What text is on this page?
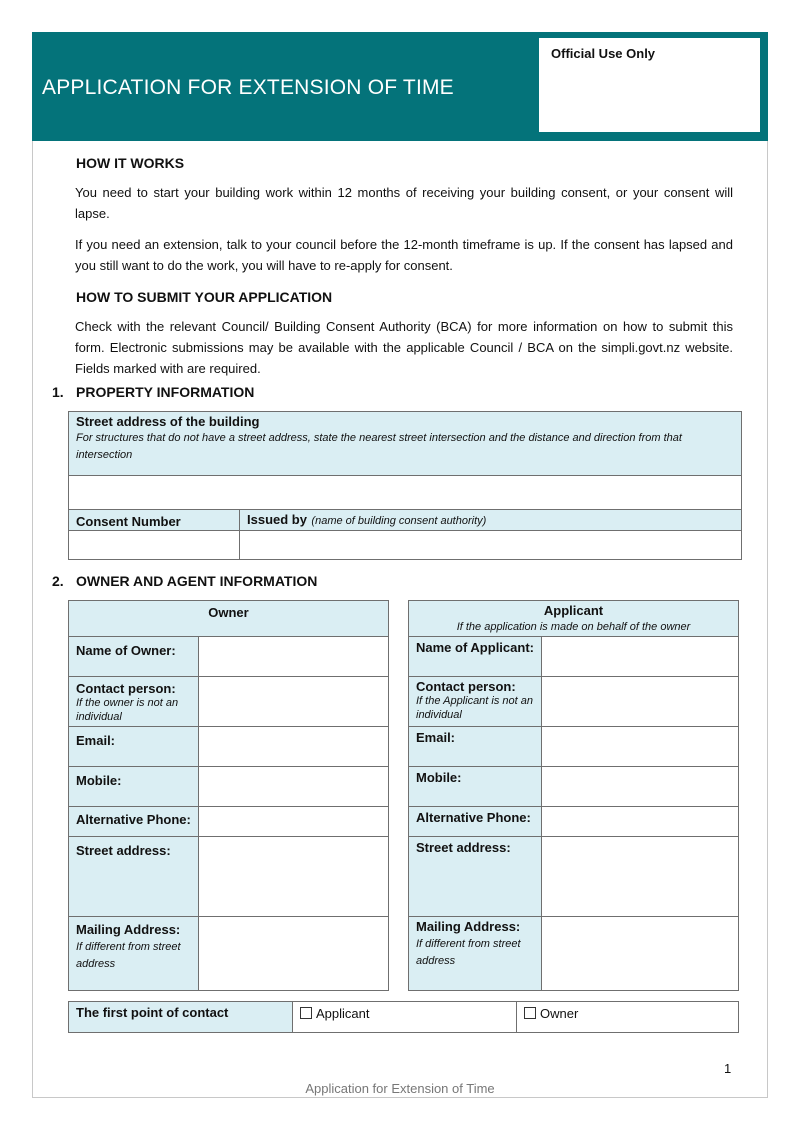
APPLICATION FOR EXTENSION OF TIME
Official Use Only
HOW IT WORKS
You need to start your building work within 12 months of receiving your building consent, or your consent will lapse.
If you need an extension, talk to your council before the 12-month timeframe is up. If the consent has lapsed and you still want to do the work, you will have to re-apply for consent.
HOW TO SUBMIT YOUR APPLICATION
Check with the relevant Council/ Building Consent Authority (BCA) for more information on how to submit this form. Electronic submissions may be available with the applicable Council / BCA on the simpli.govt.nz website. Fields marked with are required.
1. PROPERTY INFORMATION
Street address of the building
For structures that do not have a street address, state the nearest street intersection and the distance and direction from that intersection
Consent Number	Issued by (name of building consent authority)
2. OWNER AND AGENT INFORMATION
Owner
Name of Owner:
Contact person:
If the owner is not an individual
Email:
Mobile:
Alternative Phone:
Street address:
Mailing Address:
If different from street address
Applicant
If the application is made on behalf of the owner
Name of Applicant:
Contact person:
If the Applicant is not an individual
Email:
Mobile:
Alternative Phone:
Street address:
Mailing Address:
If different from street address
The first point of contact	Applicant	Owner
1
Application for Extension of Time
